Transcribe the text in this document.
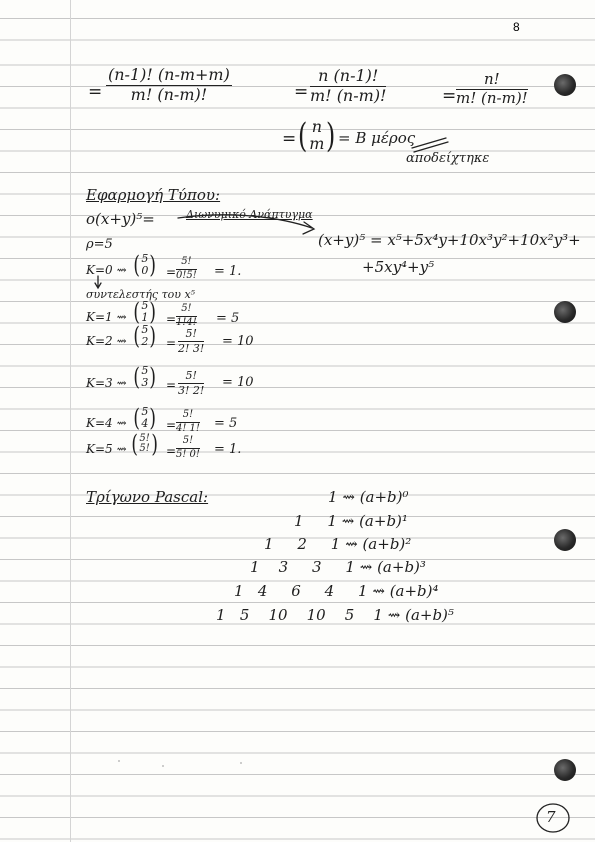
8
= $\frac{(n-1)! (n-m+m)}{m! (n-m)!}$	= $\frac{n (n-1)!}{m! (n-m)!}$	= $\frac{n!}{m! (n-m)!}$
= ( n
m ) = Β μέρος
αποδείχτηκε
Εφαρμογή Τύπου:
o(x+y)⁵=	Διωνυμικό Ανάπτυγμα
(x+y)⁵ = x⁵+5x⁴y+10x³y²+10x²y³+
+5xy⁴+y⁵
ρ=5
K=0 ⇝ ( 5
0 ) = $\frac{5!}{0!5!} = 1$.
συντελεστής του x⁵
K=1 ⇝ ( 5
1 ) = $\frac{5!}{1!4!} = 5$
K=2 ⇝ ( 5
2 ) = $\frac{5!}{2! 3!} = 10$
K=3 ⇝ ( 5
3 ) = $\frac{5!}{3! 2!} = 10$
K=4 ⇝ ( 5
4 ) = $\frac{5!}{4! 1!} = 5$
K=5 ⇝ ( 5!
5! ) = $\frac{5!}{5! 0!} = 1$.
Τρίγωνο Pascal:	1 ⇝ (a+b)⁰
1     1 ⇝ (a+b)¹
1     2     1 ⇝ (a+b)²
1    3     3     1 ⇝ (a+b)³
1   4     6     4     1 ⇝ (a+b)⁴
1   5    10    10    5    1 ⇝ (a+b)⁵
7
